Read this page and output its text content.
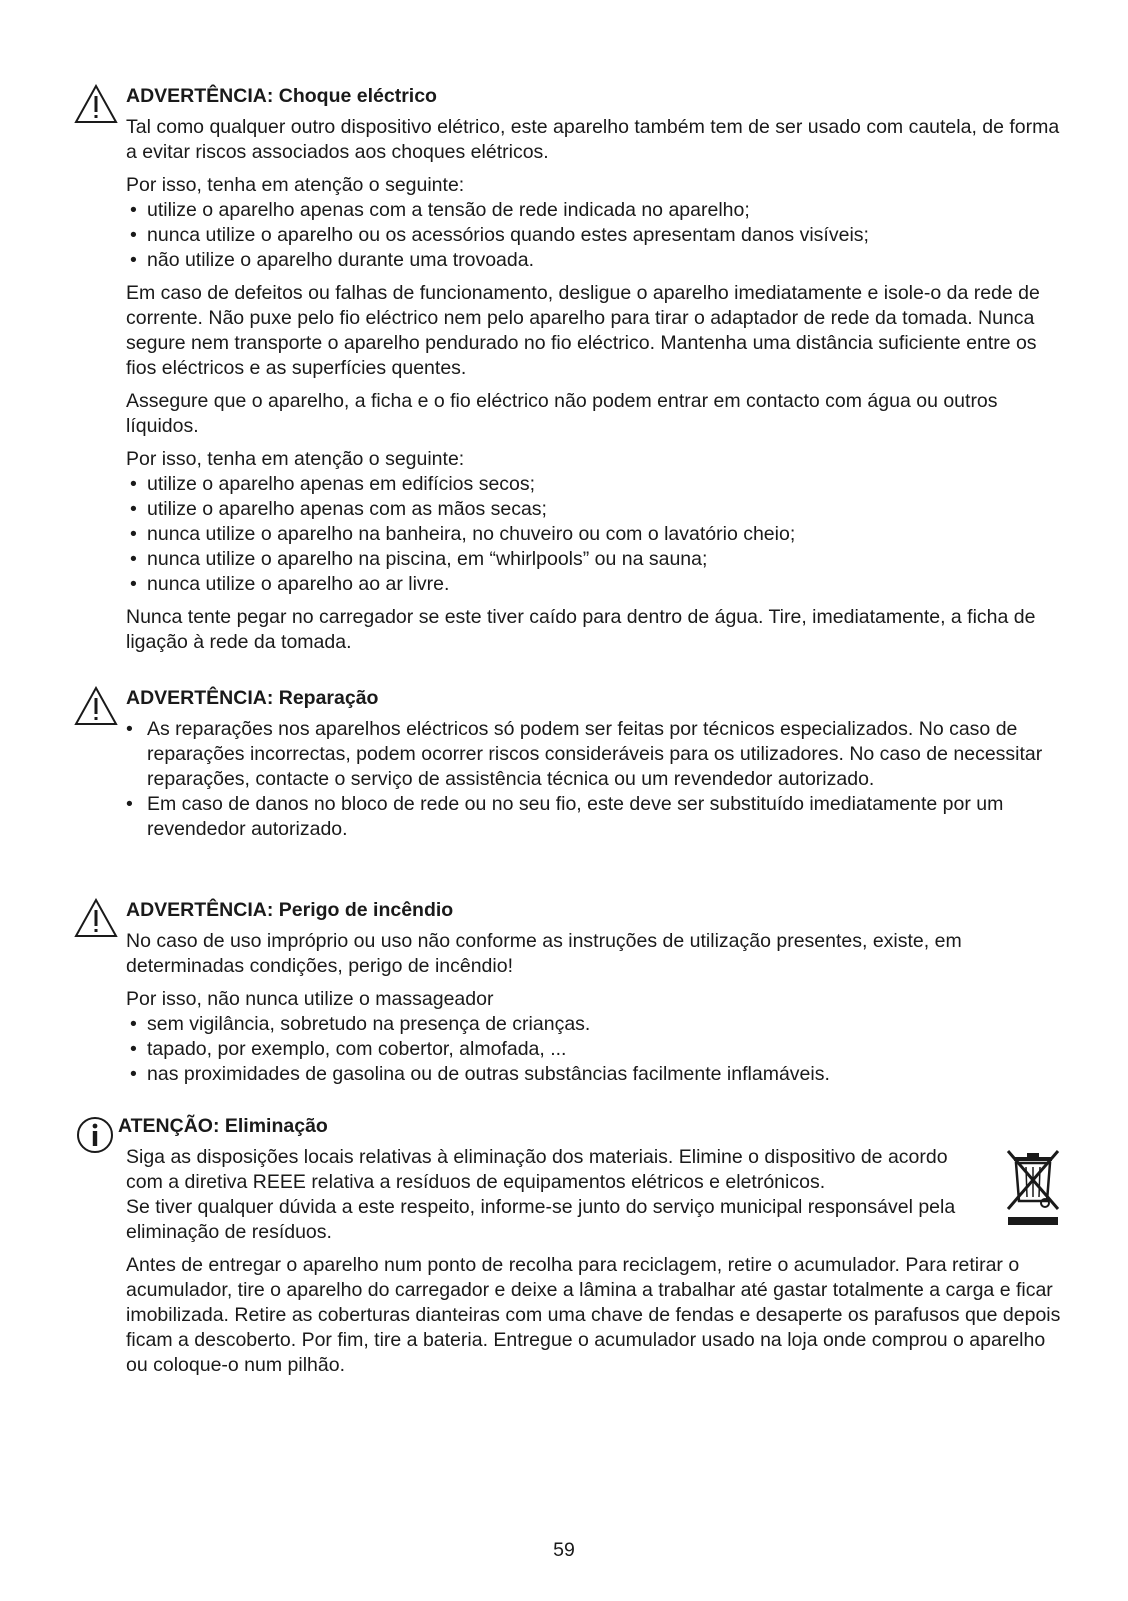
ADVERTÊNCIA: Choque eléctrico

Tal como qualquer outro dispositivo elétrico, este aparelho também tem de ser usado com cautela, de forma a evitar riscos associados aos choques elétricos.

Por isso, tenha em atenção o seguinte:

• utilize o aparelho apenas com a tensão de rede indicada no aparelho;
• nunca utilize o aparelho ou os acessórios quando estes apresentam danos visíveis;
• não utilize o aparelho durante uma trovoada.

Em caso de defeitos ou falhas de funcionamento, desligue o aparelho imediatamente e isole-o da rede de corrente. Não puxe pelo fio eléctrico nem pelo aparelho para tirar o adaptador de rede da tomada. Nunca segure nem transporte o aparelho pendurado no fio eléctrico. Mantenha uma distância suficiente entre os fios eléctricos e as superfícies quentes.

Assegure que o aparelho, a ficha e o fio eléctrico não podem entrar em contacto com água ou outros líquidos.

Por isso, tenha em atenção o seguinte:

• utilize o aparelho apenas em edifícios secos;
• utilize o aparelho apenas com as mãos secas;
• nunca utilize o aparelho na banheira, no chuveiro ou com o lavatório cheio;
• nunca utilize o aparelho na piscina, em “whirlpools” ou na sauna;
• nunca utilize o aparelho ao ar livre.

Nunca tente pegar no carregador se este tiver caído para dentro de água. Tire, imediatamente, a ficha de ligação à rede da tomada.

ADVERTÊNCIA: Reparação
• As reparações nos aparelhos eléctricos só podem ser feitas por técnicos especializados. No caso de reparações incorrectas, podem ocorrer riscos consideráveis para os utilizadores. No caso de necessitar reparações, contacte o serviço de assistência técnica ou um revendedor autorizado.
• Em caso de danos no bloco de rede ou no seu fio, este deve ser substituído imediatamente por um revendedor autorizado.
ADVERTÊNCIA: Perigo de incêndio

No caso de uso impróprio ou uso não conforme as instruções de utilização presentes, existe, em determinadas condições, perigo de incêndio!

Por isso, não nunca utilize o massageador

• sem vigilância, sobretudo na presença de crianças.
• tapado, por exemplo, com cobertor, almofada, ...
• nas proximidades de gasolina ou de outras substâncias facilmente inflamáveis.
ATENÇÃO: Eliminação

Siga as disposições locais relativas à eliminação dos materiais. Elimine o dispositivo de acordo com a diretiva REEE relativa a resíduos de equipamentos elétricos e eletrónicos.

Se tiver qualquer dúvida a este respeito, informe-se junto do serviço municipal responsável pela eliminação de resíduos.

Antes de entregar o aparelho num ponto de recolha para reciclagem, retire o acumulador. Para retirar o acumulador, tire o aparelho do carregador e deixe a lâmina a trabalhar até gastar totalmente a carga e ficar imobilizada. Retire as coberturas dianteiras com uma chave de fendas e desaperte os parafusos que depois ficam a descoberto. Por fim, tire a bateria. Entregue o acumulador usado na loja onde comprou o aparelho ou coloque-o num pilhão.

59
